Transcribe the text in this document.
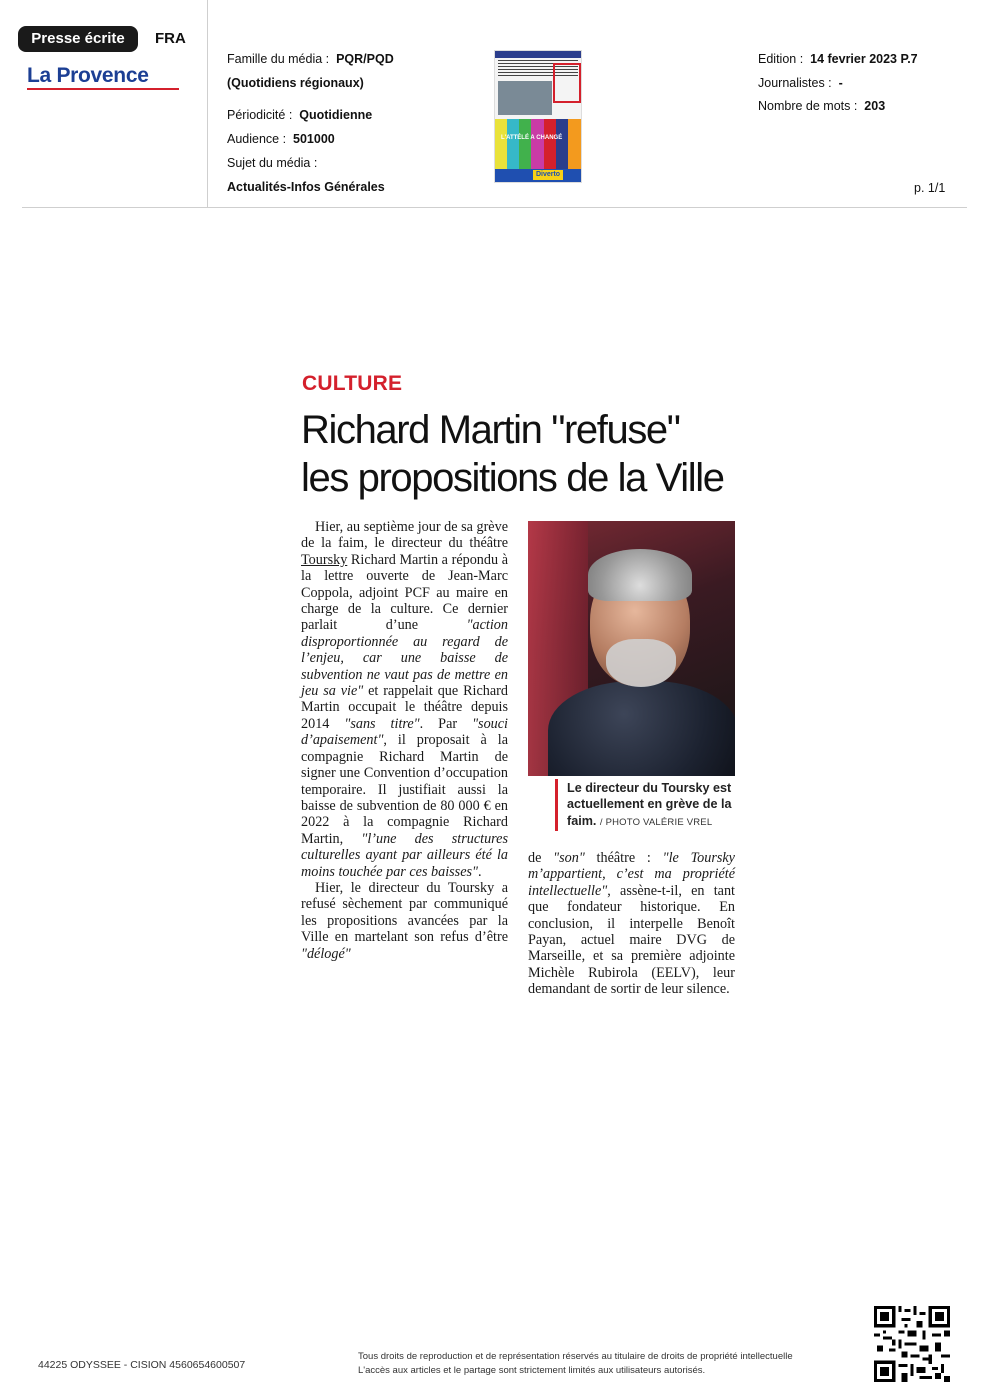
Presse écrite	FRA
La Provence
Famille du média : PQR/PQD
(Quotidiens régionaux)
Périodicité : Quotidienne
Audience : 501000
Sujet du média :
Actualités-Infos Générales
L'ATTÉLÉ A CHANGÉ
Diverto
Edition : 14 fevrier 2023 P.7
Journalistes : -
Nombre de mots : 203
p. 1/1
CULTURE
Richard Martin "refuse"
les propositions de la Ville

Hier, au septième jour de sa grève de la faim, le directeur du théâtre Toursky Richard Martin a répondu à la lettre ouverte de Jean-Marc Coppola, adjoint PCF au maire en charge de la culture. Ce dernier parlait d’une "action disproportionnée au regard de l’enjeu, car une baisse de subvention ne vaut pas de mettre en jeu sa vie" et rappelait que Richard Martin occupait le théâtre depuis 2014 "sans titre". Par "souci d’apaisement", il proposait à la compagnie Richard Martin de signer une Convention d’occupation temporaire. Il justifiait aussi la baisse de subvention de 80 000 € en 2022 à la compagnie Richard Martin, "l’une des structures culturelles ayant par ailleurs été la moins touchée par ces baisses".

Hier, le directeur du Toursky a refusé sèchement par communiqué les propositions avancées par la Ville en martelant son refus d’être "délogé"

Le directeur du Toursky est actuellement en grève de la faim. / PHOTO VALÉRIE VREL

de "son" théâtre : "le Toursky m’appartient, c’est ma propriété intellectuelle", assène-t-il, en tant que fondateur historique. En conclusion, il interpelle Benoît Payan, actuel maire DVG de Marseille, et sa première adjointe Michèle Rubirola (EELV), leur demandant de sortir de leur silence.

44225 ODYSSEE - CISION 4560654600507
Tous droits de reproduction et de représentation réservés au titulaire de droits de propriété intellectuelle
L'accès aux articles et le partage sont strictement limités aux utilisateurs autorisés.
